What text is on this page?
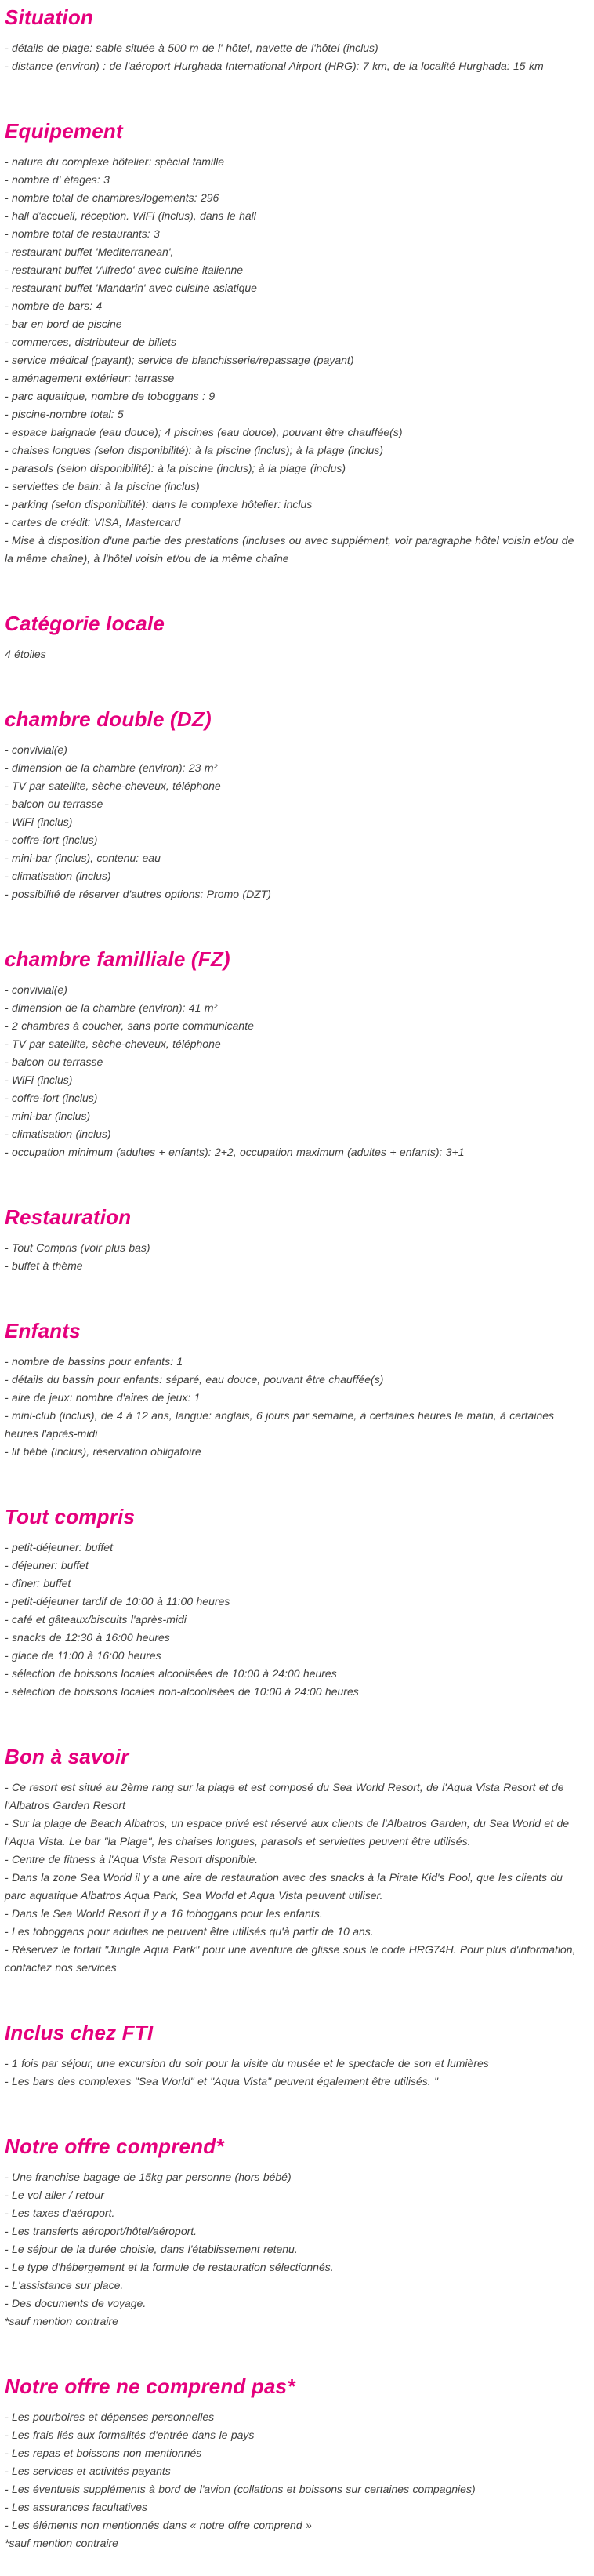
Situation

- détails de plage: sable située à 500 m de l' hôtel, navette de l'hôtel (inclus)

- distance (environ) : de l'aéroport Hurghada International Airport (HRG): 7 km, de la localité Hurghada: 15 km

Equipement

- nature du complexe hôtelier: spécial famille

- nombre d' étages: 3

- nombre total de chambres/logements: 296

- hall d'accueil, réception. WiFi (inclus), dans le hall

- nombre total de restaurants: 3

- restaurant buffet 'Mediterranean',

- restaurant buffet 'Alfredo' avec cuisine italienne

- restaurant buffet 'Mandarin' avec cuisine asiatique

- nombre de bars: 4

- bar en bord de piscine

- commerces, distributeur de billets

- service médical (payant); service de blanchisserie/repassage (payant)

- aménagement extérieur: terrasse

- parc aquatique, nombre de toboggans : 9

- piscine-nombre total: 5

- espace baignade (eau douce); 4 piscines (eau douce), pouvant être chauffée(s)

- chaises longues (selon disponibilité): à la piscine (inclus); à la plage (inclus)

- parasols (selon disponibilité): à la piscine (inclus); à la plage (inclus)

- serviettes de bain: à la piscine (inclus)

- parking (selon disponibilité): dans le complexe hôtelier: inclus

- cartes de crédit: VISA, Mastercard

- Mise à disposition d'une partie des prestations (incluses ou avec supplément, voir paragraphe hôtel voisin et/ou de la même chaîne), à l'hôtel voisin et/ou de la même chaîne

Catégorie locale

4 étoiles

chambre double (DZ)

- convivial(e)

- dimension de la chambre (environ): 23 m²

- TV par satellite, sèche-cheveux, téléphone

- balcon ou terrasse

- WiFi (inclus)

- coffre-fort (inclus)

- mini-bar (inclus), contenu: eau

- climatisation (inclus)

- possibilité de réserver d'autres options: Promo (DZT)

chambre familliale (FZ)

- convivial(e)

- dimension de la chambre (environ): 41 m²

- 2 chambres à coucher, sans porte communicante

- TV par satellite, sèche-cheveux, téléphone

- balcon ou terrasse

- WiFi (inclus)

- coffre-fort (inclus)

- mini-bar (inclus)

- climatisation (inclus)

- occupation minimum (adultes + enfants): 2+2, occupation maximum (adultes + enfants): 3+1

Restauration

- Tout Compris (voir plus bas)

- buffet à thème

Enfants

- nombre de bassins pour enfants: 1

- détails du bassin pour enfants: séparé, eau douce, pouvant être chauffée(s)

- aire de jeux: nombre d'aires de jeux: 1

- mini-club (inclus), de 4 à 12 ans, langue: anglais, 6 jours par semaine, à certaines heures le matin, à certaines heures l'après-midi

- lit bébé (inclus), réservation obligatoire

Tout compris

- petit-déjeuner: buffet

- déjeuner: buffet

- dîner: buffet

- petit-déjeuner tardif de 10:00 à 11:00 heures

- café et gâteaux/biscuits l'après-midi

- snacks de 12:30 à 16:00 heures

- glace de 11:00 à 16:00 heures

- sélection de boissons locales alcoolisées de 10:00 à 24:00 heures

- sélection de boissons locales non-alcoolisées de 10:00 à 24:00 heures

Bon à savoir

- Ce resort est situé au 2ème rang sur la plage et est composé du Sea World Resort, de l'Aqua Vista Resort et de l'Albatros Garden Resort

- Sur la plage de Beach Albatros, un espace privé est réservé aux clients de l'Albatros Garden, du Sea World et de l'Aqua Vista. Le bar "la Plage", les chaises longues, parasols et serviettes peuvent être utilisés.

- Centre de fitness à l'Aqua Vista Resort disponible.

- Dans la zone Sea World il y a une aire de restauration avec des snacks à la Pirate Kid's Pool, que les clients du parc aquatique Albatros Aqua Park, Sea World et Aqua Vista peuvent utiliser.

- Dans le Sea World Resort il y a 16 toboggans pour les enfants.

- Les toboggans pour adultes ne peuvent être utilisés qu'à partir de 10 ans.

- Réservez le forfait "Jungle Aqua Park" pour une aventure de glisse sous le code HRG74H. Pour plus d'information, contactez nos services

Inclus chez FTI

- 1 fois par séjour, une excursion du soir pour la visite du musée et le spectacle de son et lumières

- Les bars des complexes "Sea World" et "Aqua Vista" peuvent également être utilisés. "

Notre offre comprend*

- Une franchise bagage de 15kg par personne (hors bébé)

- Le vol aller / retour

- Les taxes d'aéroport.

- Les transferts aéroport/hôtel/aéroport.

- Le séjour de la durée choisie, dans l'établissement retenu.

- Le type d'hébergement et la formule de restauration sélectionnés.

- L'assistance sur place.

- Des documents de voyage.

*sauf mention contraire

Notre offre ne comprend pas*

- Les pourboires et dépenses personnelles

- Les frais liés aux formalités d'entrée dans le pays

- Les repas et boissons non mentionnés

- Les services et activités payants

- Les éventuels suppléments à bord de l'avion (collations et boissons sur certaines compagnies)

- Les assurances facultatives

- Les éléments non mentionnés dans « notre offre comprend »

*sauf mention contraire
